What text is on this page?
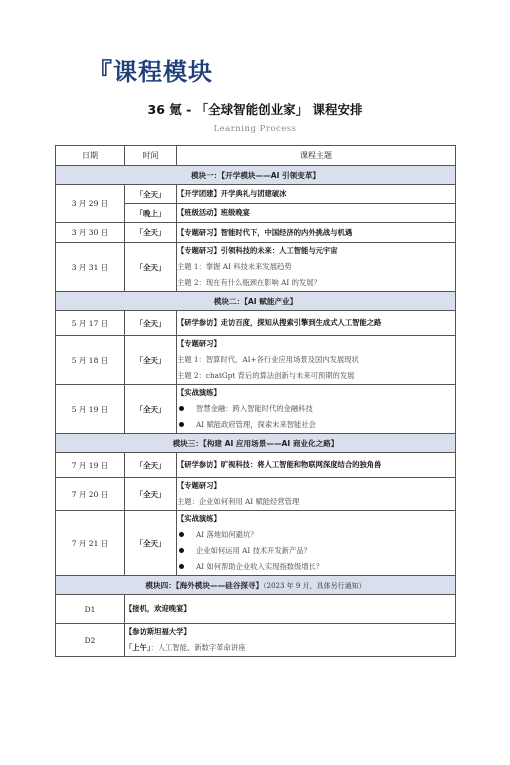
『课程模块
36 氪 - 「全球智能创业家」 课程安排
Learning Process
日期	时间	课程主题
模块一：【开学模块——AI 引领变革】		
3 月 29 日	「全天」	【开学团建】开学典礼与团建破冰

	「晚上」	【班级活动】班级晚宴

3 月 30 日	「全天」	【专题研习】智能时代下，中国经济的内外挑战与机遇

3 月 31 日	「全天」	【专题研习】引领科技的未来：人工智能与元宇宙
主题 1：掌握 AI 科技未来发展趋势
主题 2：现在有什么瓶颈在影响 AI 的发展？

模块二：【AI 赋能产业】		
5 月 17 日	「全天」	【研学参访】走访百度，探知从搜索引擎到生成式人工智能之路

5 月 18 日	「全天」	【专题研习】
主题 1：智算时代，AI+各行业应用场景及国内发展现状
主题 2：chatGpt 背后的算法创新与未来可预期的发展

5 月 19 日	「全天」	【实战演练】
智慧金融：跨入智能时代的金融科技
AI 赋能政府管理，探索未来智能社会

模块三：【构建 AI 应用场景——AI 商业化之路】		
7 月 19 日	「全天」	【研学参访】旷视科技：将人工智能和物联网深度结合的独角兽

7 月 20 日	「全天」	【专题研习】
主题：企业如何利用 AI 赋能经营管理

7 月 21 日	「全天」	【实战演练】
AI 落地如何避坑？
企业如何运用 AI 技术开发新产品？
AI 如何帮助企业收入实现指数级增长？

模块四：【海外模块——硅谷探寻】（2023 年 9 月，具体另行通知）		
D1	【接机，欢迎晚宴】	

D2	【参访斯坦福大学】
「上午」：人工智能、新数字革命讲座	
